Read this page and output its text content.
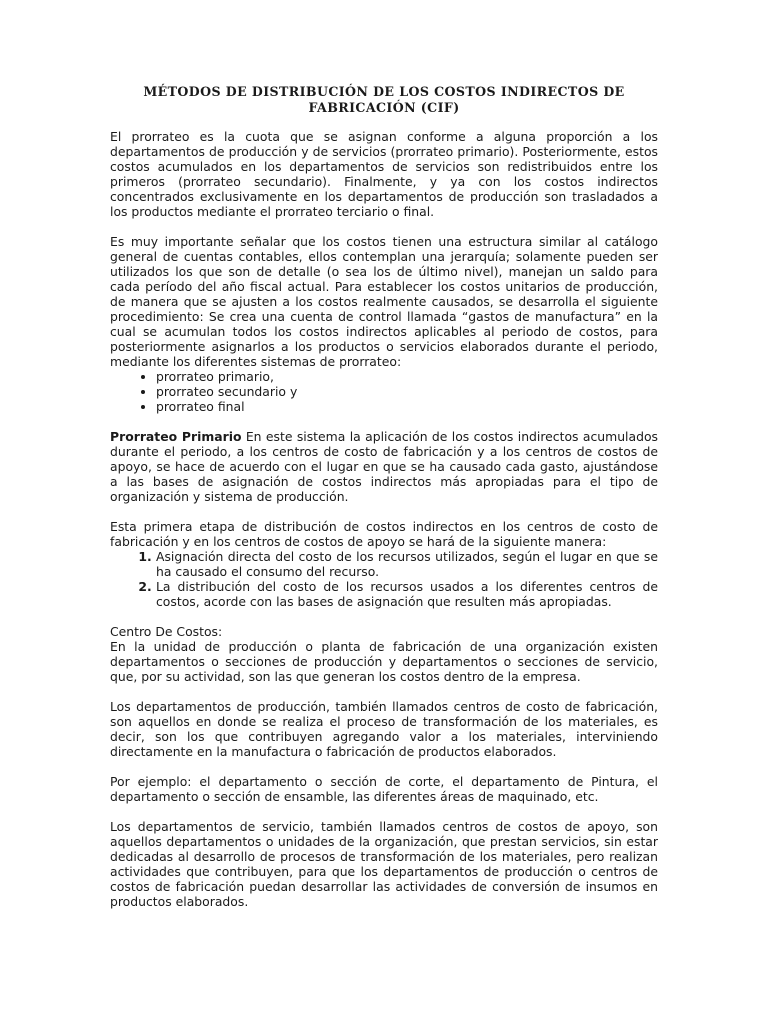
MÉTODOS DE DISTRIBUCIÓN DE LOS COSTOS INDIRECTOS DE FABRICACIÓN (CIF)

El prorrateo es la cuota que se asignan conforme a alguna proporción a los departamentos de producción y de servicios (prorrateo primario). Posteriormente, estos costos acumulados en los departamentos de servicios son redistribuidos entre los primeros (prorrateo secundario). Finalmente, y ya con los costos indirectos concentrados exclusivamente en los departamentos de producción son trasladados a los productos mediante el prorrateo terciario o final.

Es muy importante señalar que los costos tienen una estructura similar al catálogo general de cuentas contables, ellos contemplan una jerarquía; solamente pueden ser utilizados los que son de detalle (o sea los de último nivel), manejan un saldo para cada período del año fiscal actual. Para establecer los costos unitarios de producción, de manera que se ajusten a los costos realmente causados, se desarrolla el siguiente procedimiento: Se crea una cuenta de control llamada “gastos de manufactura” en la cual se acumulan todos los costos indirectos aplicables al periodo de costos, para posteriormente asignarlos a los productos o servicios elaborados durante el periodo, mediante los diferentes sistemas de prorrateo:

• prorrateo primario,
• prorrateo secundario y
• prorrateo final

Prorrateo Primario En este sistema la aplicación de los costos indirectos acumulados durante el periodo, a los centros de costo de fabricación y a los centros de costos de apoyo, se hace de acuerdo con el lugar en que se ha causado cada gasto, ajustándose a las bases de asignación de costos indirectos más apropiadas para el tipo de organización y sistema de producción.

Esta primera etapa de distribución de costos indirectos en los centros de costo de fabricación y en los centros de costos de apoyo se hará de la siguiente manera:

1. Asignación directa del costo de los recursos utilizados, según el lugar en que se ha causado el consumo del recurso.
2. La distribución del costo de los recursos usados a los diferentes centros de costos, acorde con las bases de asignación que resulten más apropiadas.

Centro De Costos:

En la unidad de producción o planta de fabricación de una organización existen departamentos o secciones de producción y departamentos o secciones de servicio, que, por su actividad, son las que generan los costos dentro de la empresa.

Los departamentos de producción, también llamados centros de costo de fabricación, son aquellos en donde se realiza el proceso de transformación de los materiales, es decir, son los que contribuyen agregando valor a los materiales, interviniendo directamente en la manufactura o fabricación de productos elaborados.

Por ejemplo: el departamento o sección de corte, el departamento de Pintura, el departamento o sección de ensamble, las diferentes áreas de maquinado, etc.

Los departamentos de servicio, también llamados centros de costos de apoyo, son aquellos departamentos o unidades de la organización, que prestan servicios, sin estar dedicadas al desarrollo de procesos de transformación de los materiales, pero realizan actividades que contribuyen, para que los departamentos de producción o centros de costos de fabricación puedan desarrollar las actividades de conversión de insumos en productos elaborados.
